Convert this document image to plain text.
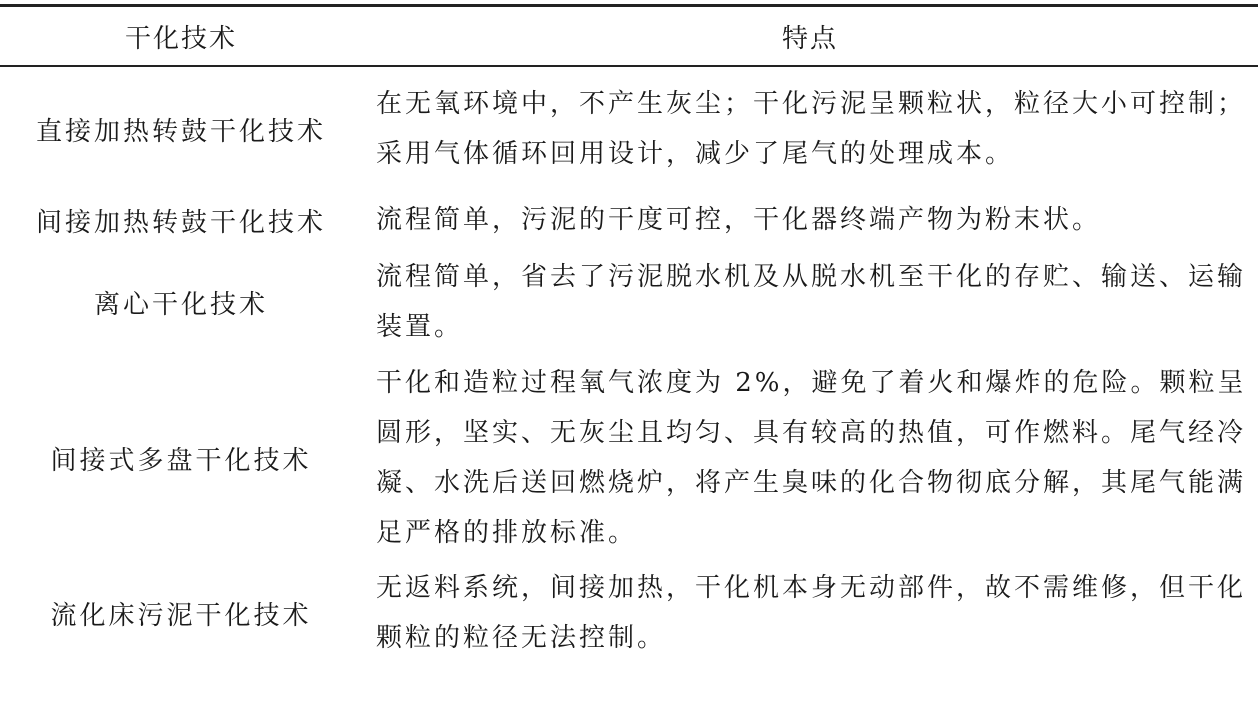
干化技术	特点
直接加热转鼓干化技术	在无氧环境中，不产生灰尘；干化污泥呈颗粒状，粒径大小可控制；采用气体循环回用设计，减少了尾气的处理成本。
间接加热转鼓干化技术	流程简单，污泥的干度可控，干化器终端产物为粉末状。
离心干化技术	流程简单，省去了污泥脱水机及从脱水机至干化的存贮、输送、运输装置。
间接式多盘干化技术	干化和造粒过程氧气浓度为 2%，避免了着火和爆炸的危险。颗粒呈圆形，坚实、无灰尘且均匀、具有较高的热值，可作燃料。尾气经冷凝、水洗后送回燃烧炉，将产生臭味的化合物彻底分解，其尾气能满足严格的排放标准。
流化床污泥干化技术	无返料系统，间接加热，干化机本身无动部件，故不需维修，但干化颗粒的粒径无法控制。
